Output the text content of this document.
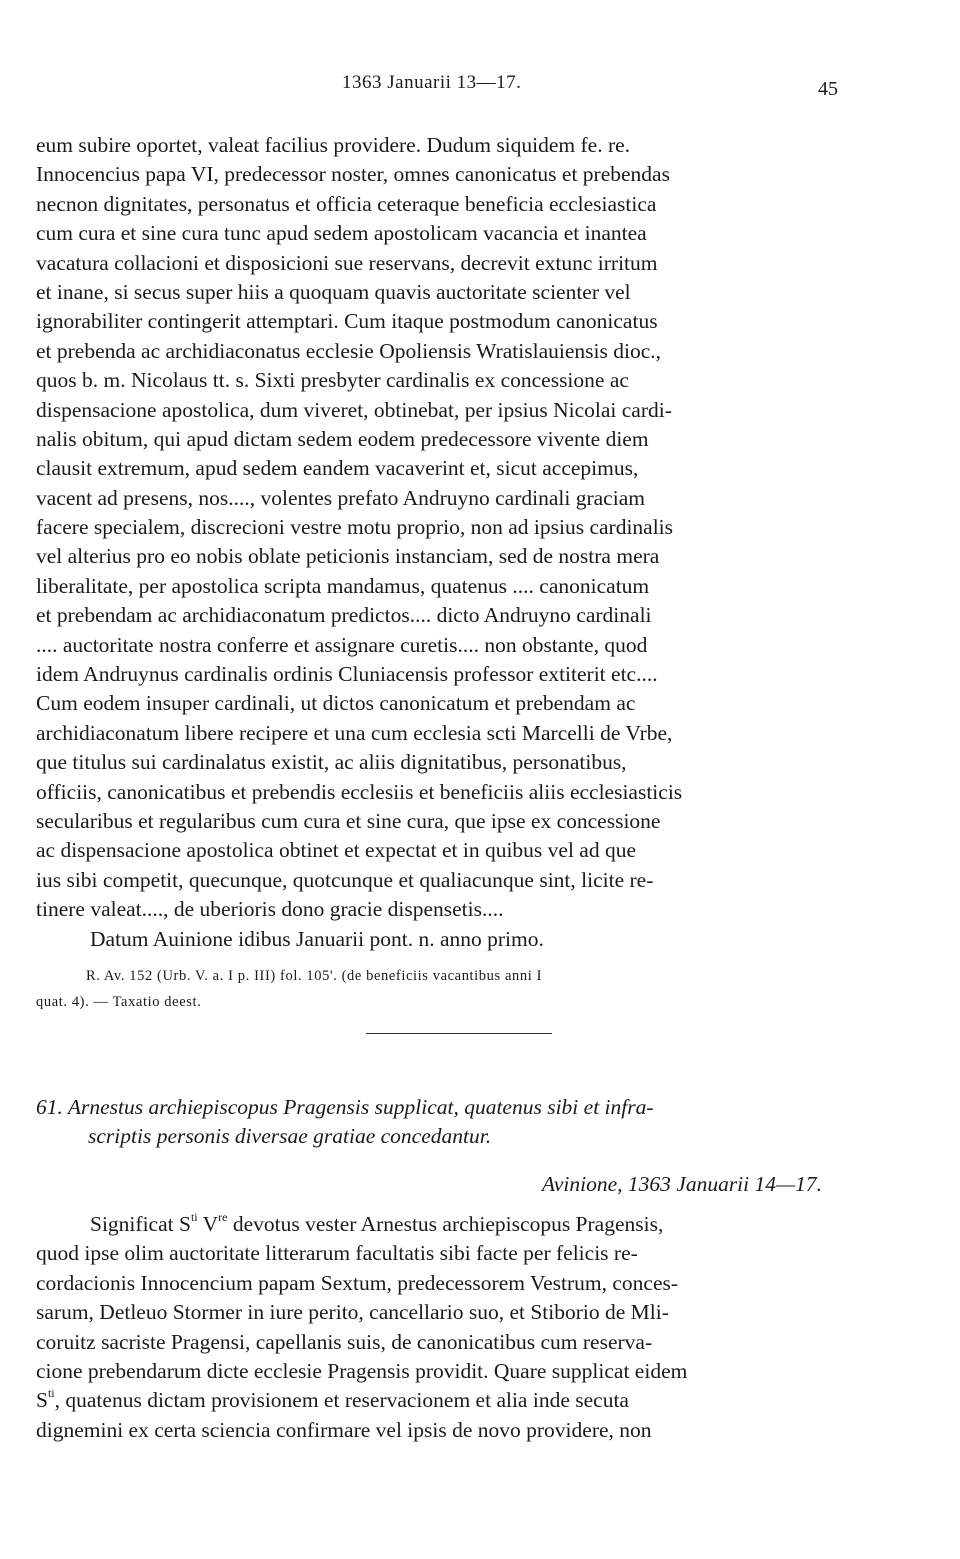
1363 Januarii 13—17.	45
eum subire oportet, valeat facilius providere. Dudum siquidem fe. re.
Innocencius papa VI, predecessor noster, omnes canonicatus et prebendas
necnon dignitates, personatus et officia ceteraque beneficia ecclesiastica
cum cura et sine cura tunc apud sedem apostolicam vacancia et inantea
vacatura collacioni et disposicioni sue reservans, decrevit extunc irritum
et inane, si secus super hiis a quoquam quavis auctoritate scienter vel
ignorabiliter contingerit attemptari. Cum itaque postmodum canonicatus
et prebenda ac archidiaconatus ecclesie Opoliensis Wratislauiensis dioc.,
quos b. m. Nicolaus tt. s. Sixti presbyter cardinalis ex concessione ac
dispensacione apostolica, dum viveret, obtinebat, per ipsius Nicolai cardi-
nalis obitum, qui apud dictam sedem eodem predecessore vivente diem
clausit extremum, apud sedem eandem vacaverint et, sicut accepimus,
vacent ad presens, nos...., volentes prefato Andruyno cardinali graciam
facere specialem, discrecioni vestre motu proprio, non ad ipsius cardinalis
vel alterius pro eo nobis oblate peticionis instanciam, sed de nostra mera
liberalitate, per apostolica scripta mandamus, quatenus .... canonicatum
et prebendam ac archidiaconatum predictos.... dicto Andruyno cardinali
.... auctoritate nostra conferre et assignare curetis.... non obstante, quod
idem Andruynus cardinalis ordinis Cluniacensis professor extiterit etc....
Cum eodem insuper cardinali, ut dictos canonicatum et prebendam ac
archidiaconatum libere recipere et una cum ecclesia scti Marcelli de Vrbe,
que titulus sui cardinalatus existit, ac aliis dignitatibus, personatibus,
officiis, canonicatibus et prebendis ecclesiis et beneficiis aliis ecclesiasticis
secularibus et regularibus cum cura et sine cura, que ipse ex concessione
ac dispensacione apostolica obtinet et expectat et in quibus vel ad que
ius sibi competit, quecunque, quotcunque et qualiacunque sint, licite re-
tinere valeat...., de uberioris dono gracie dispensetis....
Datum Auinione idibus Januarii pont. n. anno primo.
R. Av. 152 (Urb. V. a. I p. III) fol. 105'. (de beneficiis vacantibus anni I
quat. 4). — Taxatio deest.
61. Arnestus archiepiscopus Pragensis supplicat, quatenus sibi et infra-
scriptis personis diversae gratiae concedantur.
Avinione, 1363 Januarii 14—17.
Significat $S^{ti}$ Vre devotus vester Arnestus archiepiscopus Pragensis,
quod ipse olim auctoritate litterarum facultatis sibi facte per felicis re-
cordacionis Innocencium papam Sextum, predecessorem Vestrum, conces-
sarum, Detleuo Stormer in iure perito, cancellario suo, et Stiborio de Mli-
coruitz sacriste Pragensi, capellanis suis, de canonicatibus cum reserva-
cione prebendarum dicte ecclesie Pragensis providit. Quare supplicat eidem
$S^{ti}$, quatenus dictam provisionem et reservacionem et alia inde secuta
dignemini ex certa sciencia confirmare vel ipsis de novo providere, non
